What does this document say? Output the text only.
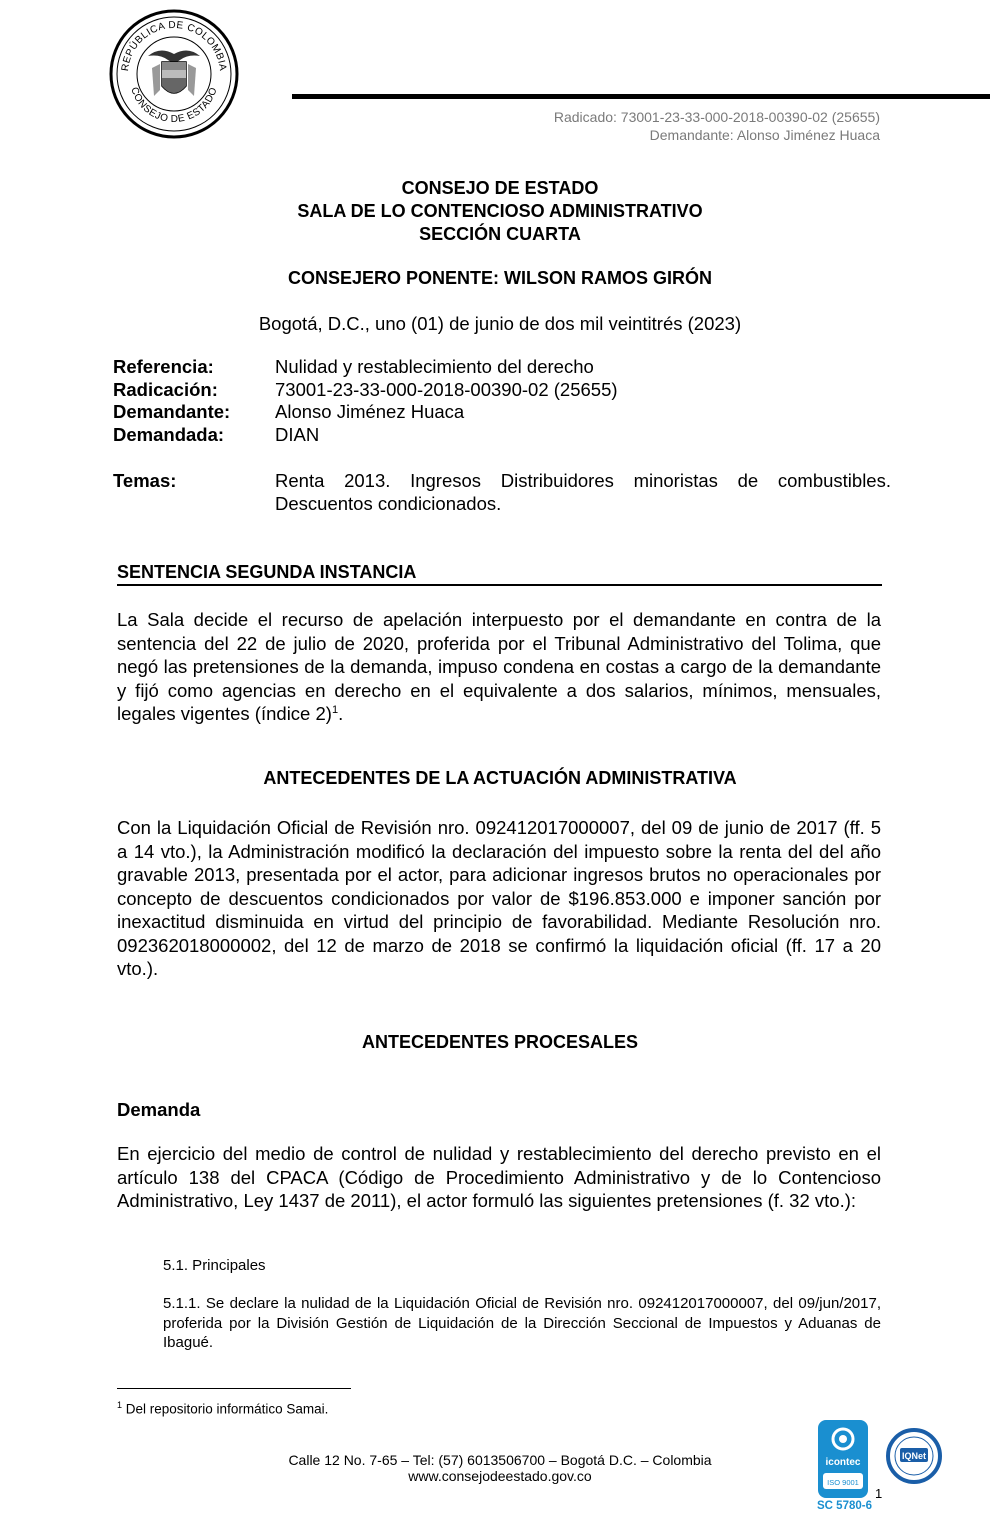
REPÚBLICA DE COLOMBIA
CONSEJO DE ESTADO
Radicado: 73001-23-33-000-2018-00390-02 (25655)
Demandante: Alonso Jiménez Huaca
CONSEJO DE ESTADO
SALA DE LO CONTENCIOSO ADMINISTRATIVO
SECCIÓN CUARTA
CONSEJERO PONENTE: WILSON RAMOS GIRÓN
Bogotá, D.C., uno (01) de junio de dos mil veintitrés (2023)
Referencia:	Nulidad y restablecimiento del derecho
Radicación:	73001-23-33-000-2018-00390-02 (25655)
Demandante:	Alonso Jiménez Huaca
Demandada:	DIAN
Temas:	Renta 2013. Ingresos Distribuidores minoristas de combustibles. Descuentos condicionados.
SENTENCIA SEGUNDA INSTANCIA
La Sala decide el recurso de apelación interpuesto por el demandante en contra de la sentencia del 22 de julio de 2020, proferida por el Tribunal Administrativo del Tolima, que negó las pretensiones de la demanda, impuso condena en costas a cargo de la demandante y fijó como agencias en derecho en el equivalente a dos salarios, mínimos, mensuales, legales vigentes (índice 2)$^1$.
ANTECEDENTES DE LA ACTUACIÓN ADMINISTRATIVA
Con la Liquidación Oficial de Revisión nro. 092412017000007, del 09 de junio de 2017 (ff. 5 a 14 vto.), la Administración modificó la declaración del impuesto sobre la renta del del año gravable 2013, presentada por el actor, para adicionar ingresos brutos no operacionales por concepto de descuentos condicionados por valor de $196.853.000 e imponer sanción por inexactitud disminuida en virtud del principio de favorabilidad. Mediante Resolución nro. 092362018000002, del 12 de marzo de 2018 se confirmó la liquidación oficial (ff. 17 a 20 vto.).
ANTECEDENTES PROCESALES
Demanda
En ejercicio del medio de control de nulidad y restablecimiento del derecho previsto en el artículo 138 del CPACA (Código de Procedimiento Administrativo y de lo Contencioso Administrativo, Ley 1437 de 2011), el actor formuló las siguientes pretensiones (f. 32 vto.):
5.1. Principales
5.1.1. Se declare la nulidad de la Liquidación Oficial de Revisión nro. 092412017000007, del 09/jun/2017, proferida por la División Gestión de Liquidación de la Dirección Seccional de Impuestos y Aduanas de Ibagué.
$^1$ Del repositorio informático Samai.
Calle 12 No. 7-65 – Tel: (57) 6013506700 – Bogotá D.C. – Colombia
www.consejodeestado.gov.co
icontec
ISO 9001
SC 5780-6
IQNet
1
